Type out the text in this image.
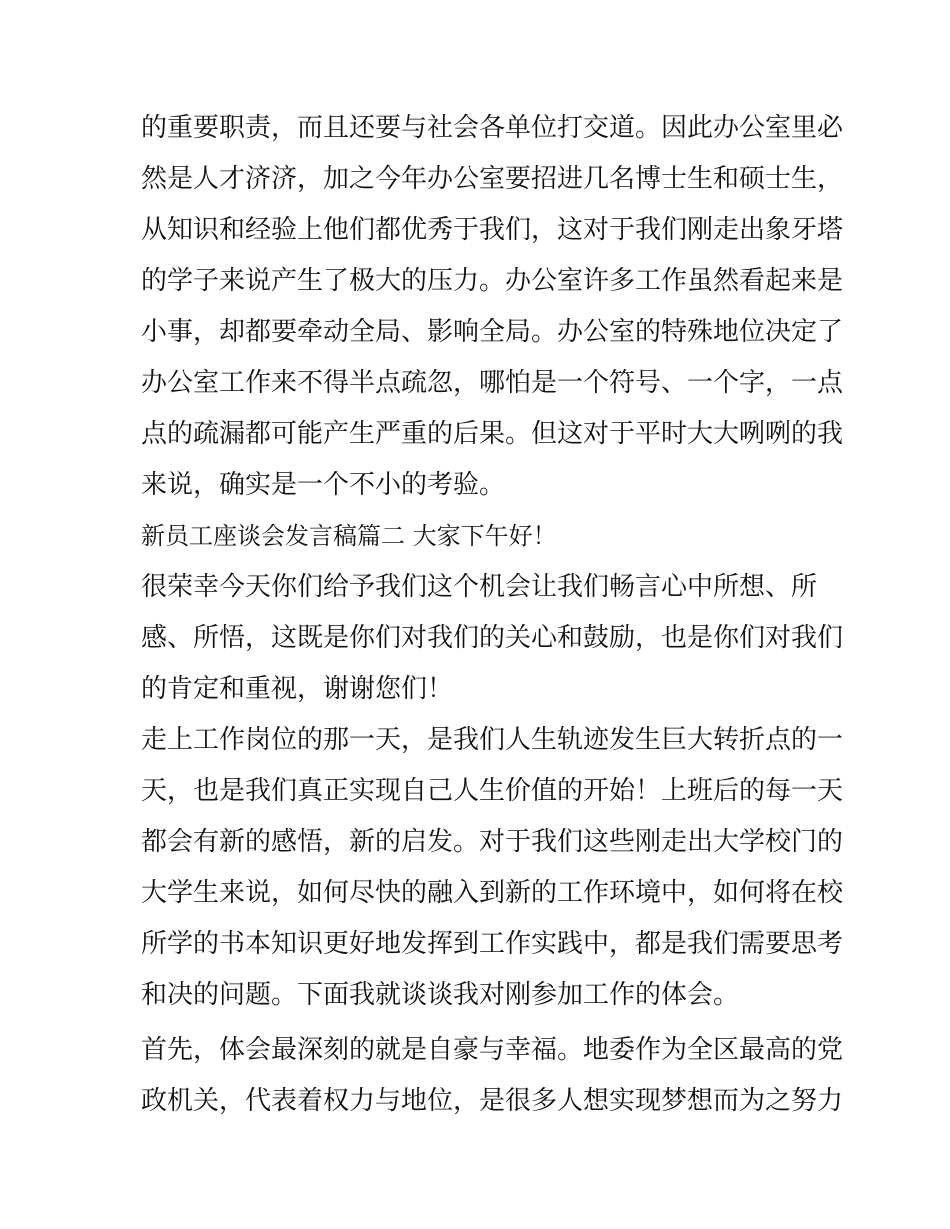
的重要职责，而且还要与社会各单位打交道。因此办公室里必
然是人才济济，加之今年办公室要招进几名博士生和硕士生，
从知识和经验上他们都优秀于我们，这对于我们刚走出象牙塔
的学子来说产生了极大的压力。办公室许多工作虽然看起来是
小事，却都要牵动全局、影响全局。办公室的特殊地位决定了
办公室工作来不得半点疏忽，哪怕是一个符号、一个字，一点
点的疏漏都可能产生严重的后果。但这对于平时大大咧咧的我
来说，确实是一个不小的考验。
新员工座谈会发言稿篇二 大家下午好！
很荣幸今天你们给予我们这个机会让我们畅言心中所想、所
感、所悟，这既是你们对我们的关心和鼓励，也是你们对我们
的肯定和重视，谢谢您们！
走上工作岗位的那一天，是我们人生轨迹发生巨大转折点的一
天，也是我们真正实现自己人生价值的开始！上班后的每一天
都会有新的感悟，新的启发。对于我们这些刚走出大学校门的
大学生来说，如何尽快的融入到新的工作环境中，如何将在校
所学的书本知识更好地发挥到工作实践中，都是我们需要思考
和决的问题。下面我就谈谈我对刚参加工作的体会。
首先，体会最深刻的就是自豪与幸福。地委作为全区最高的党
政机关，代表着权力与地位，是很多人想实现梦想而为之努力
